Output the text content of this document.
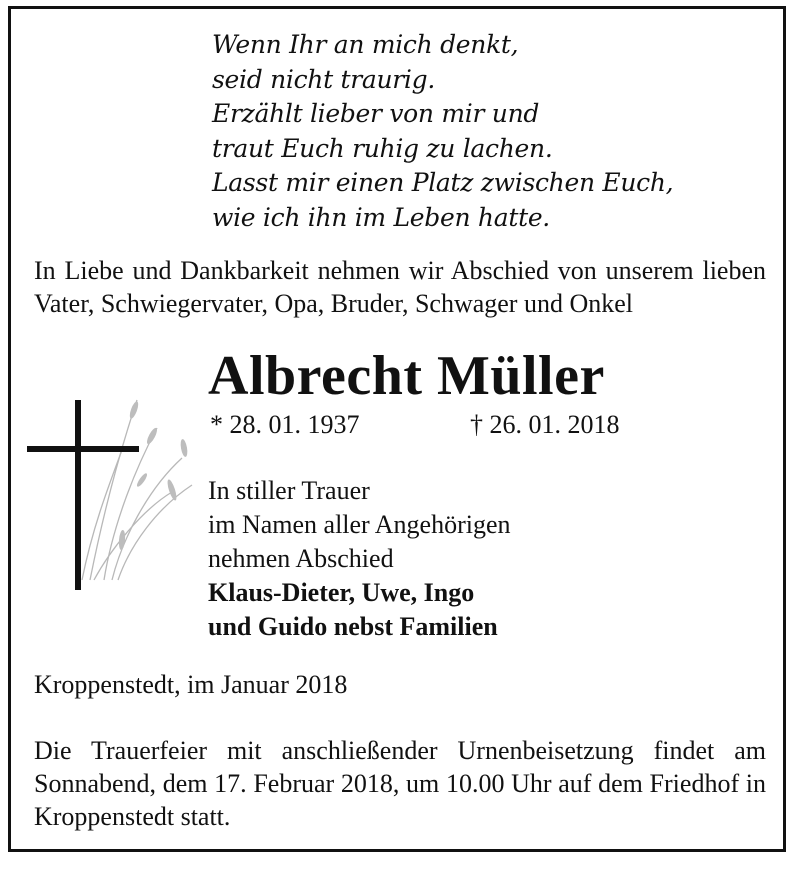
Wenn Ihr an mich denkt,
seid nicht traurig.
Erzählt lieber von mir und
traut Euch ruhig zu lachen.
Lasst mir einen Platz zwischen Euch,
wie ich ihn im Leben hatte.
In Liebe und Dankbarkeit nehmen wir Abschied von unserem lieben Vater, Schwiegervater, Opa, Bruder, Schwager und Onkel
Albrecht Müller
* 28. 01. 1937	† 26. 01. 2018
In stiller Trauer
im Namen aller Angehörigen
nehmen Abschied
Klaus-Dieter, Uwe, Ingo
und Guido nebst Familien
Kroppenstedt, im Januar 2018
Die Trauerfeier mit anschließender Urnenbeisetzung findet am Sonnabend, dem 17. Februar 2018, um 10.00 Uhr auf dem Friedhof in Kroppenstedt statt.
